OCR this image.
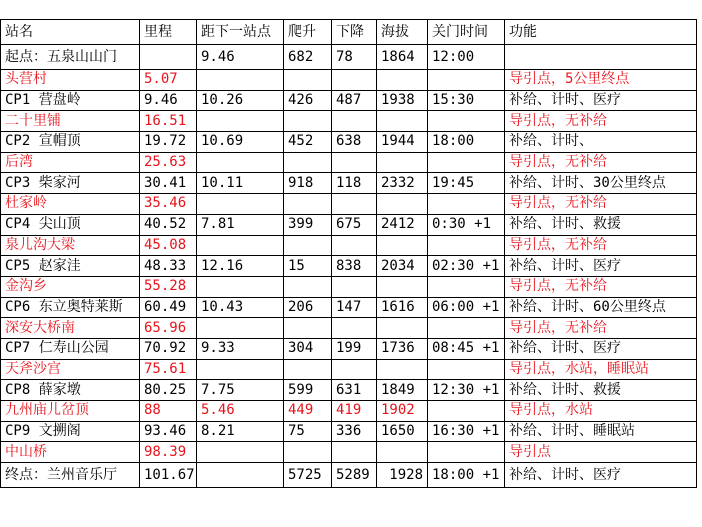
站名	里程	距下一站点	爬升	下降	海拔	关门时间	功能
起点：五泉山山门		9.46	682	78	1864	12:00	
头营村	5.07						导引点，5公里终点
CP1 营盘岭	9.46	10.26	426	487	1938	15:30	补给、计时、医疗
二十里铺	16.51						导引点，无补给
CP2 宣帽顶	19.72	10.69	452	638	1944	18:00	补给、计时、
后湾	25.63						导引点，无补给
CP3 柴家河	30.41	10.11	918	118	2332	19:45	补给、计时、30公里终点
杜家岭	35.46						导引点，无补给
CP4 尖山顶	40.52	7.81	399	675	2412	0:30 +1	补给、计时、救援
泉儿沟大梁	45.08						导引点，无补给
CP5 赵家洼	48.33	12.16	15	838	2034	02:30 +1	补给、计时、医疗
金沟乡	55.28						导引点，无补给
CP6 东立奥特莱斯	60.49	10.43	206	147	1616	06:00 +1	补给、计时、60公里终点
深安大桥南	65.96						导引点，无补给
CP7 仁寿山公园	70.92	9.33	304	199	1736	08:45 +1	补给、计时、医疗
天斧沙宫	75.61						导引点，水站，睡眠站
CP8 薛家墩	80.25	7.75	599	631	1849	12:30 +1	补给、计时、救援
九州庙儿岔顶	88	5.46	449	419	1902		导引点，水站
CP9 文搠阁	93.46	8.21	75	336	1650	16:30 +1	补给、计时、睡眠站
中山桥	98.39						导引点
终点：兰州音乐厅	101.67		5725	5289	1928	18:00 +1	补给、计时、医疗
